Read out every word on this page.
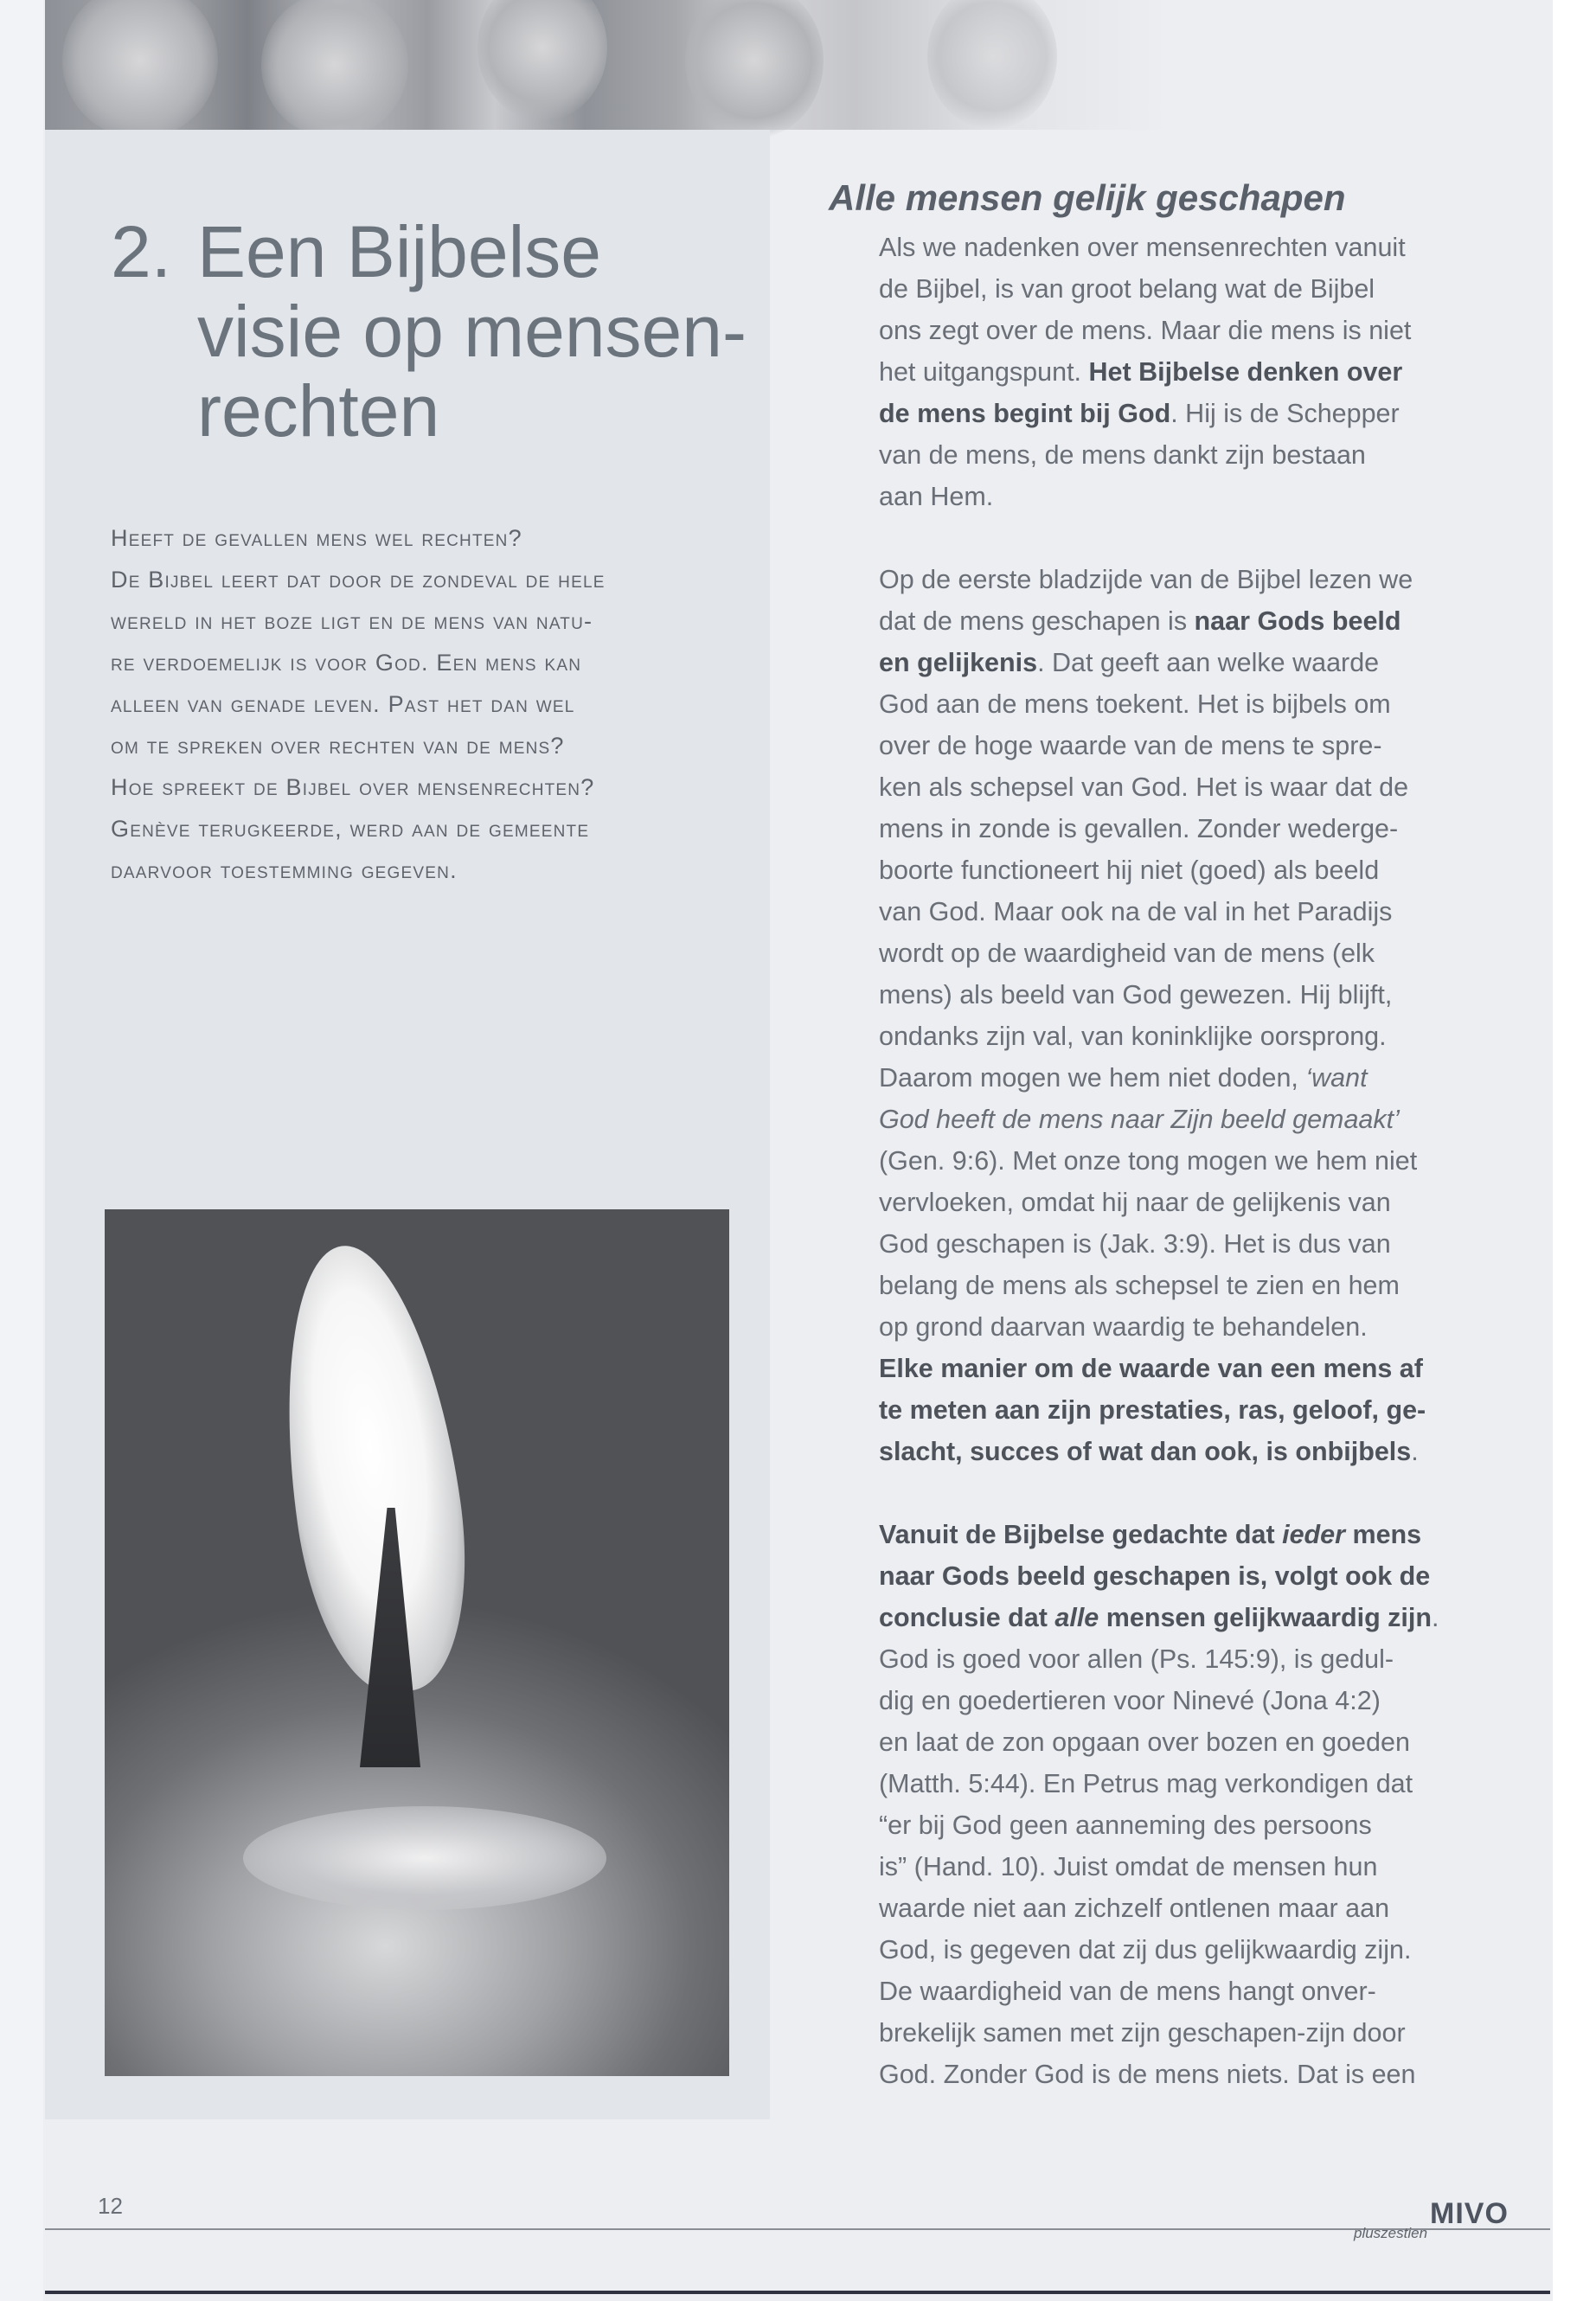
2. Een Bijbelse
visie op mensen-
rechten
Heeft de gevallen mens wel rechten?
De Bijbel leert dat door de zondeval de hele
wereld in het boze ligt en de mens van natu-
re verdoemelijk is voor God. Een mens kan
alleen van genade leven. Past het dan wel
om te spreken over rechten van de mens?
Hoe spreekt de Bijbel over mensenrechten?
Genève terugkeerde, werd aan de gemeente
daarvoor toestemming gegeven.
Alle mensen gelijk geschapen
Als we nadenken over mensenrechten vanuit
de Bijbel, is van groot belang wat de Bijbel
ons zegt over de mens. Maar die mens is niet
het uitgangspunt. Het Bijbelse denken over
de mens begint bij God. Hij is de Schepper
van de mens, de mens dankt zijn bestaan
aan Hem.
Op de eerste bladzijde van de Bijbel lezen we
dat de mens geschapen is naar Gods beeld
en gelijkenis. Dat geeft aan welke waarde
God aan de mens toekent. Het is bijbels om
over de hoge waarde van de mens te spre-
ken als schepsel van God. Het is waar dat de
mens in zonde is gevallen. Zonder wederge-
boorte functioneert hij niet (goed) als beeld
van God. Maar ook na de val in het Paradijs
wordt op de waardigheid van de mens (elk
mens) als beeld van God gewezen. Hij blijft,
ondanks zijn val, van koninklijke oorsprong.
Daarom mogen we hem niet doden, ‘want
God heeft de mens naar Zijn beeld gemaakt’
(Gen. 9:6). Met onze tong mogen we hem niet
vervloeken, omdat hij naar de gelijkenis van
God geschapen is (Jak. 3:9). Het is dus van
belang de mens als schepsel te zien en hem
op grond daarvan waardig te behandelen.
Elke manier om de waarde van een mens af
te meten aan zijn prestaties, ras, geloof, ge-
slacht, succes of wat dan ook, is onbijbels.
Vanuit de Bijbelse gedachte dat ieder mens
naar Gods beeld geschapen is, volgt ook de
conclusie dat alle mensen gelijkwaardig zijn.
God is goed voor allen (Ps. 145:9), is gedul-
dig en goedertieren voor Ninevé (Jona 4:2)
en laat de zon opgaan over bozen en goeden
(Matth. 5:44). En Petrus mag verkondigen dat
“er bij God geen aanneming des persoons
is” (Hand. 10). Juist omdat de mensen hun
waarde niet aan zichzelf ontlenen maar aan
God, is gegeven dat zij dus gelijkwaardig zijn.
De waardigheid van de mens hangt onver-
brekelijk samen met zijn geschapen-zijn door
God. Zonder God is de mens niets. Dat is een
12
pluszestien
MIVO
